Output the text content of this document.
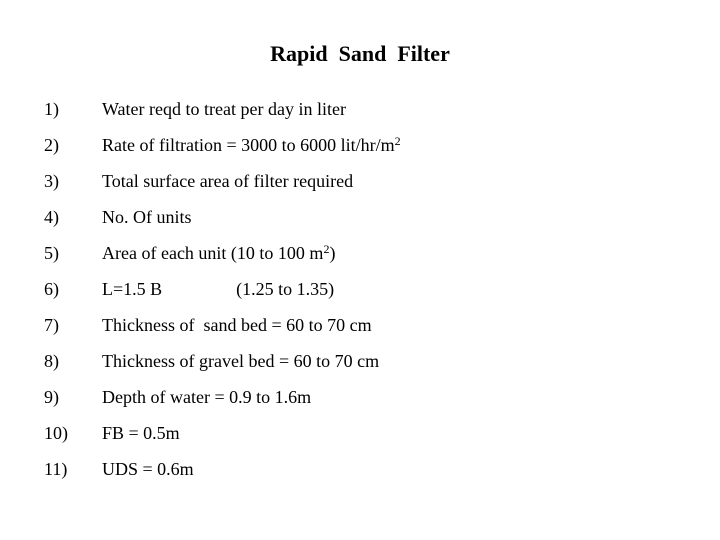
Rapid  Sand  Filter
1) Water reqd to treat per day in liter
2) Rate of filtration = 3000 to 6000 lit/$hr/m^2$
3) Total surface area of filter required
4) No. Of units
5) Area of each unit (10 to 100 $m^2$)
6) L=1.5 B	(1.25 to 1.35)
7) Thickness of  sand bed = 60 to 70 cm
8) Thickness of gravel bed = 60 to 70 cm
9) Depth of water = 0.9 to 1.6m
10) FB = 0.5m
11) UDS = 0.6m
